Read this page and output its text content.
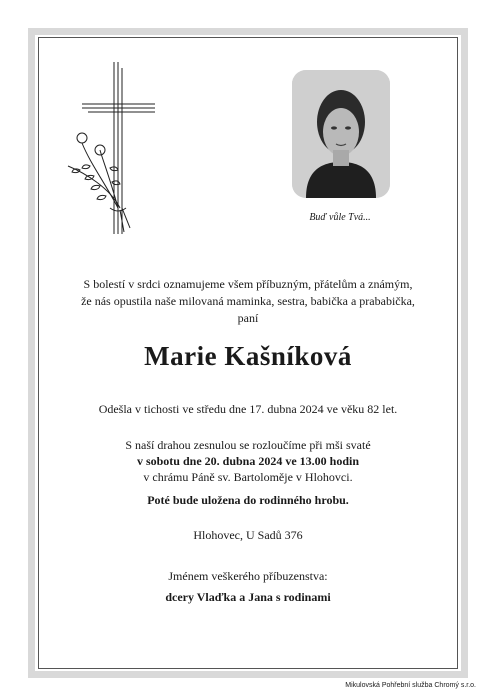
Buď vůle Tvá...
S bolestí v srdci oznamujeme všem příbuzným, přátelům a známým,
že nás opustila naše milovaná maminka, sestra, babička a prababička,
paní
Marie Kašníková
Odešla v tichosti ve středu dne 17. dubna 2024 ve věku 82 let.
S naší drahou zesnulou se rozloučíme při mši svaté
v sobotu dne 20. dubna 2024 ve 13.00 hodin
v chrámu Páně sv. Bartoloměje v Hlohovci.
Poté bude uložena do rodinného hrobu.
Hlohovec, U Sadů 376
Jménem veškerého příbuzenstva:
dcery Vlaďka a Jana s rodinami
Mikulovská Pohřební služba Chromý s.r.o.
